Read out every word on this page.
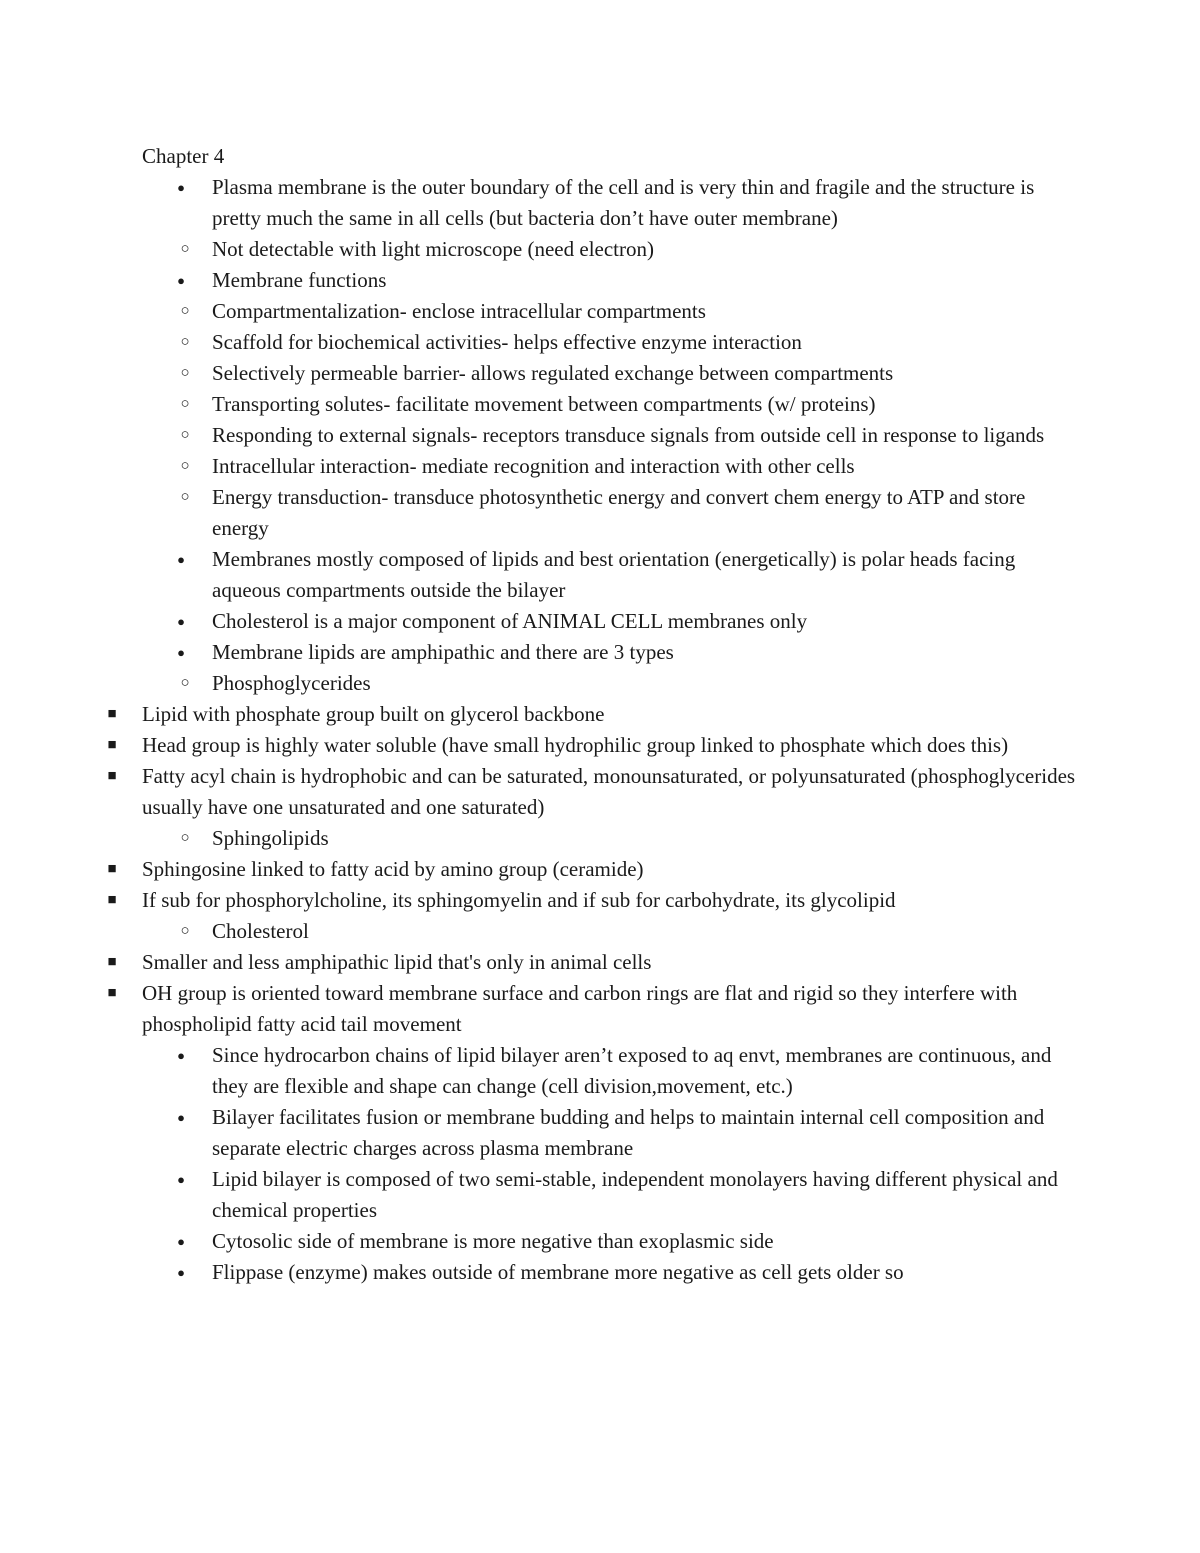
Chapter 4
● Plasma membrane is the outer boundary of the cell and is very thin and fragile and the structure is pretty much the same in all cells (but bacteria don’t have outer membrane)
○ Not detectable with light microscope (need electron)
● Membrane functions
○ Compartmentalization- enclose intracellular compartments
○ Scaffold for biochemical activities- helps effective enzyme interaction
○ Selectively permeable barrier- allows regulated exchange between compartments
○ Transporting solutes- facilitate movement between compartments (w/ proteins)
○ Responding to external signals- receptors transduce signals from outside cell in response to ligands
○ Intracellular interaction- mediate recognition and interaction with other cells
○ Energy transduction- transduce photosynthetic energy and convert chem energy to ATP and store energy
● Membranes mostly composed of lipids and best orientation (energetically) is polar heads facing aqueous compartments outside the bilayer
● Cholesterol is a major component of ANIMAL CELL membranes only
● Membrane lipids are amphipathic and there are 3 types
○ Phosphoglycerides
■ Lipid with phosphate group built on glycerol backbone
■ Head group is highly water soluble (have small hydrophilic group linked to phosphate which does this)
■ Fatty acyl chain is hydrophobic and can be saturated, monounsaturated, or polyunsaturated (phosphoglycerides usually have one unsaturated and one saturated)
○ Sphingolipids
■ Sphingosine linked to fatty acid by amino group (ceramide)
■ If sub for phosphorylcholine, its sphingomyelin and if sub for carbohydrate, its glycolipid
○ Cholesterol
■ Smaller and less amphipathic lipid that's only in animal cells
■ OH group is oriented toward membrane surface and carbon rings are flat and rigid so they interfere with phospholipid fatty acid tail movement
● Since hydrocarbon chains of lipid bilayer aren’t exposed to aq envt, membranes are continuous, and they are flexible and shape can change (cell division,movement, etc.)
● Bilayer facilitates fusion or membrane budding and helps to maintain internal cell composition and separate electric charges across plasma membrane
● Lipid bilayer is composed of two semi-stable, independent monolayers having different physical and chemical properties
● Cytosolic side of membrane is more negative than exoplasmic side
● Flippase (enzyme) makes outside of membrane more negative as cell gets older so
